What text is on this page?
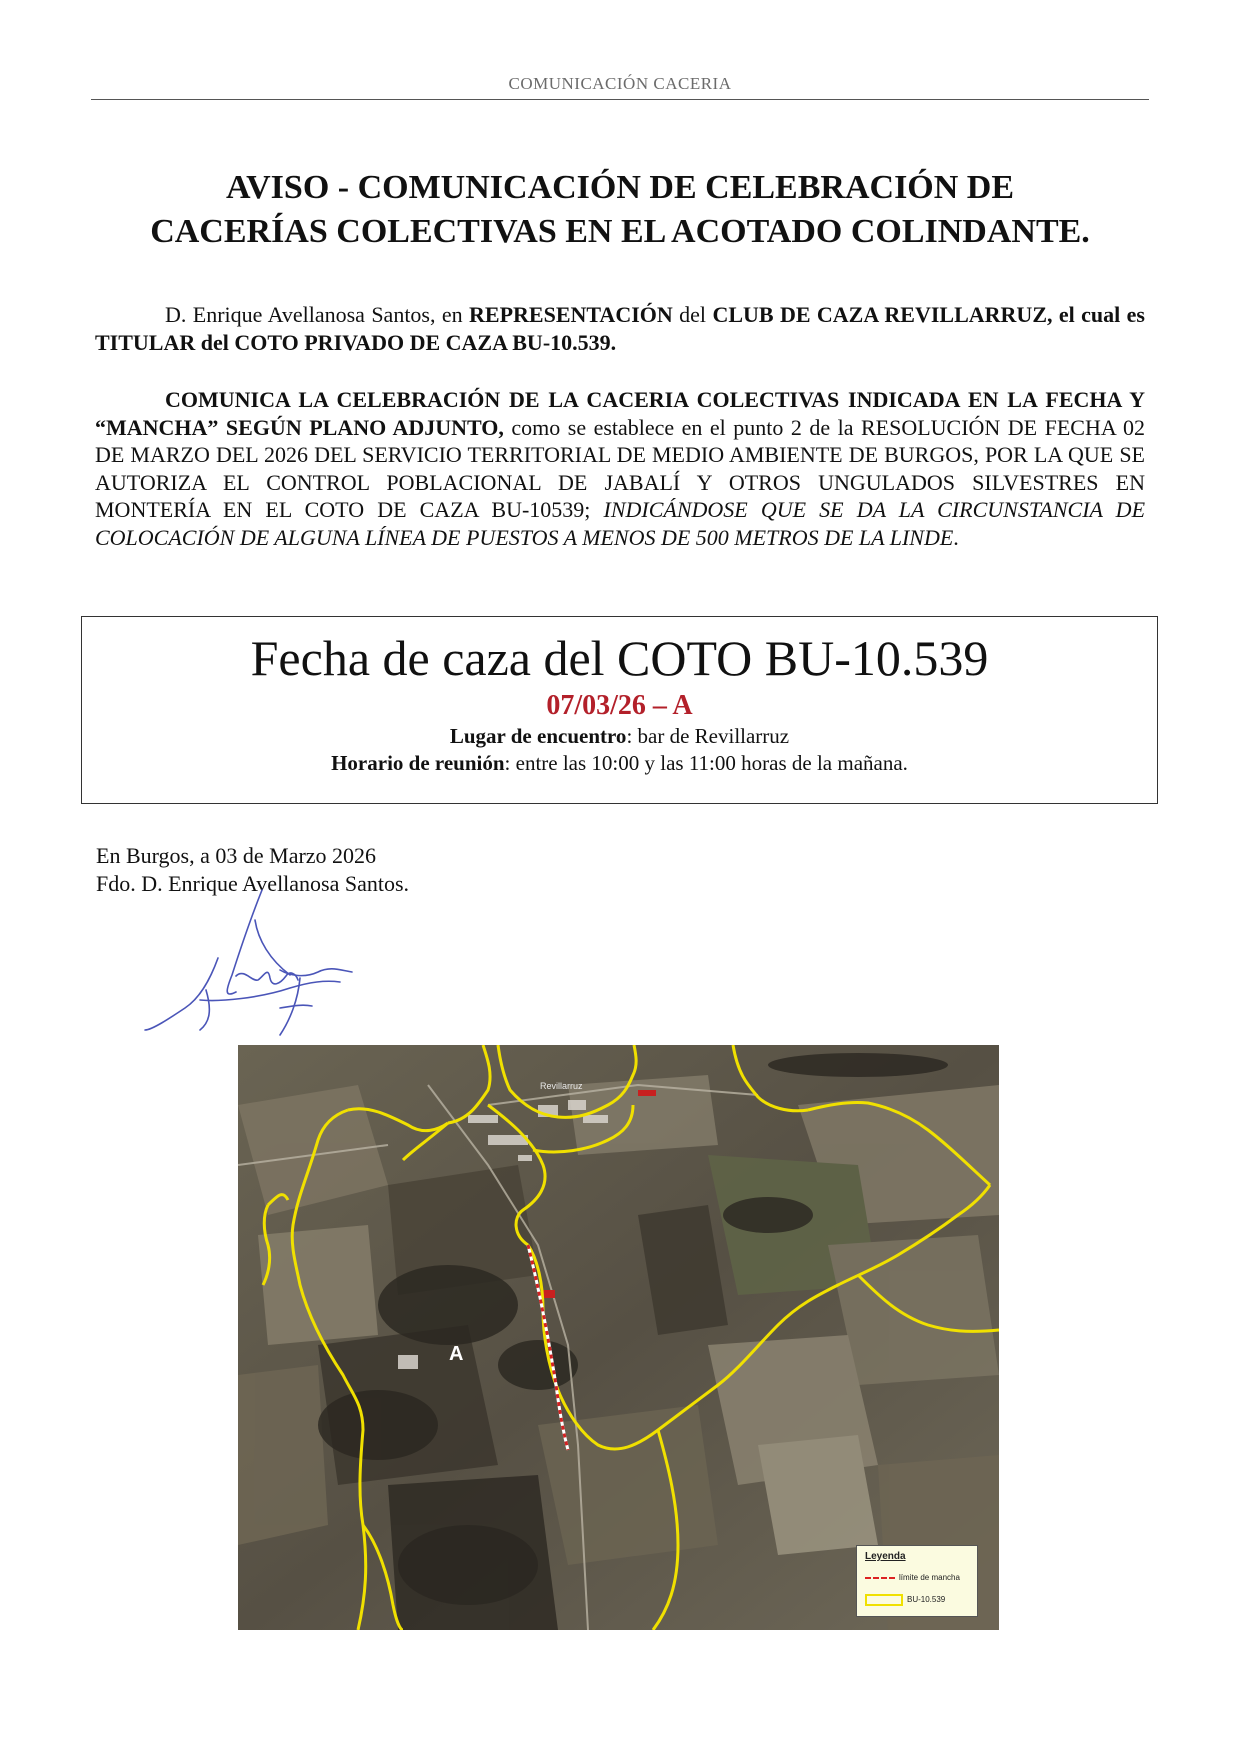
COMUNICACIÓN CACERIA
AVISO - COMUNICACIÓN DE CELEBRACIÓN DE
CACERÍAS COLECTIVAS EN EL ACOTADO COLINDANTE.

D. Enrique Avellanosa Santos, en REPRESENTACIÓN del CLUB DE CAZA REVILLARRUZ, el cual es TITULAR del COTO PRIVADO DE CAZA BU-10.539.

COMUNICA LA CELEBRACIÓN DE LA CACERIA COLECTIVAS INDICADA EN LA FECHA Y “MANCHA” SEGÚN PLANO ADJUNTO, como se establece en el punto 2 de la RESOLUCIÓN DE FECHA 02 DE MARZO DEL 2026 DEL SERVICIO TERRITORIAL DE MEDIO AMBIENTE DE BURGOS, POR LA QUE SE AUTORIZA EL CONTROL POBLACIONAL DE JABALÍ Y OTROS UNGULADOS SILVESTRES EN MONTERÍA EN EL COTO DE CAZA BU-10539; INDICÁNDOSE QUE SE DA LA CIRCUNSTANCIA DE COLOCACIÓN DE ALGUNA LÍNEA DE PUESTOS A MENOS DE 500 METROS DE LA LINDE.

Fecha de caza del COTO BU-10.539
07/03/26 – A
Lugar de encuentro: bar de Revillarruz
Horario de reunión: entre las 10:00 y las 11:00 horas de la mañana.
En Burgos, a 03 de Marzo 2026
Fdo. D. Enrique Avellanosa Santos.
Revillarruz
A
Leyenda
límite de mancha
BU-10.539
